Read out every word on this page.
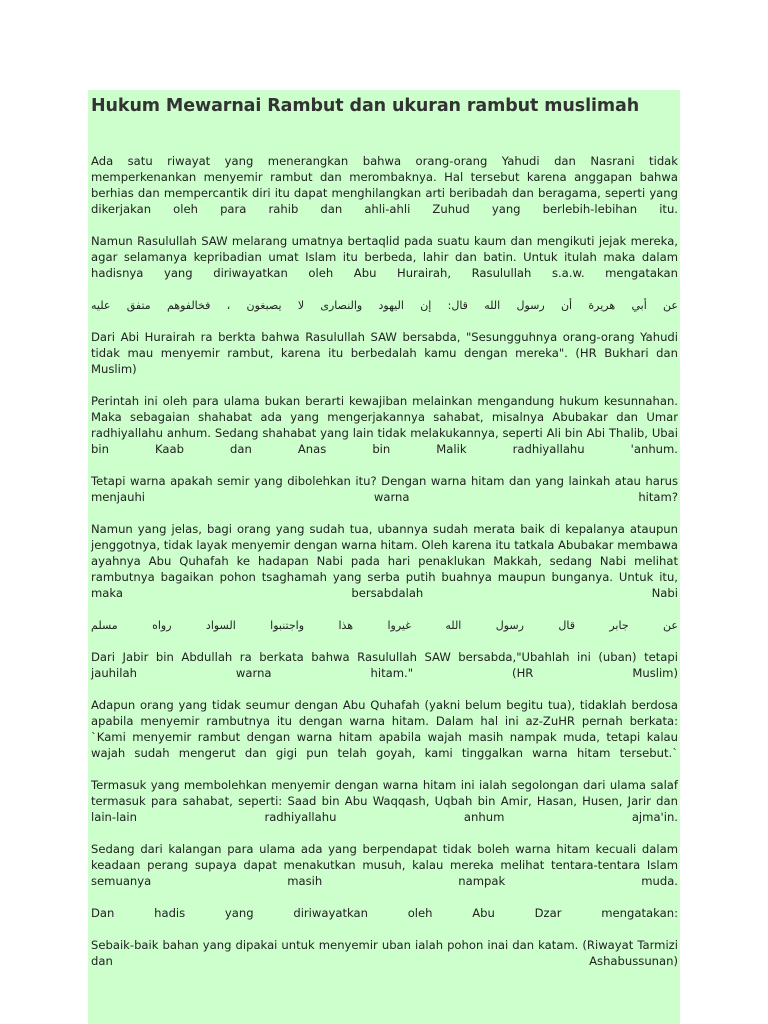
Hukum Mewarnai Rambut dan ukuran rambut muslimah

Ada satu riwayat yang menerangkan bahwa orang-orang Yahudi dan Nasrani tidak memperkenankan menyemir rambut dan merombaknya. Hal tersebut karena anggapan bahwa berhias dan mempercantik diri itu dapat menghilangkan arti beribadah dan beragama, seperti yang dikerjakan oleh para rahib dan ahli-ahli Zuhud yang berlebih-lebihan itu.

Namun Rasulullah SAW melarang umatnya bertaqlid pada suatu kaum dan mengikuti jejak mereka, agar selamanya kepribadian umat Islam itu berbeda, lahir dan batin. Untuk itulah maka dalam hadisnya yang diriwayatkan oleh Abu Hurairah, Rasulullah s.a.w. mengatakan

عن أبي هريرة أن رسول الله قال: إن اليهود والنصارى لا يصبغون ، فخالفوهم متفق عليه

Dari Abi Hurairah ra berkta bahwa Rasulullah SAW bersabda, "Sesungguhnya orang-orang Yahudi tidak mau menyemir rambut, karena itu berbedalah kamu dengan mereka". (HR Bukhari dan Muslim)

Perintah ini oleh para ulama bukan berarti kewajiban melainkan mengandung hukum kesunnahan. Maka sebagaian shahabat ada yang mengerjakannya sahabat, misalnya Abubakar dan Umar radhiyallahu anhum. Sedang shahabat yang lain tidak melakukannya, seperti Ali bin Abi Thalib, Ubai bin Kaab dan Anas bin Malik radhiyallahu 'anhum.

Tetapi warna apakah semir yang dibolehkan itu? Dengan warna hitam dan yang lainkah atau harus menjauhi warna hitam?

Namun yang jelas, bagi orang yang sudah tua, ubannya sudah merata baik di kepalanya ataupun jenggotnya, tidak layak menyemir dengan warna hitam. Oleh karena itu tatkala Abubakar membawa ayahnya Abu Quhafah ke hadapan Nabi pada hari penaklukan Makkah, sedang Nabi melihat rambutnya bagaikan pohon tsaghamah yang serba putih buahnya maupun bunganya. Untuk itu, maka bersabdalah Nabi

عن جابر قال رسول الله غيروا هذا واجتنبوا السواد رواه مسلم

Dari Jabir bin Abdullah ra berkata bahwa Rasulullah SAW bersabda,"Ubahlah ini (uban) tetapi jauhilah warna hitam." (HR Muslim)

Adapun orang yang tidak seumur dengan Abu Quhafah (yakni belum begitu tua), tidaklah berdosa apabila menyemir rambutnya itu dengan warna hitam. Dalam hal ini az-ZuHR pernah berkata: `Kami menyemir rambut dengan warna hitam apabila wajah masih nampak muda, tetapi kalau wajah sudah mengerut dan gigi pun telah goyah, kami tinggalkan warna hitam tersebut.`

Termasuk yang membolehkan menyemir dengan warna hitam ini ialah segolongan dari ulama salaf termasuk para sahabat, seperti: Saad bin Abu Waqqash, Uqbah bin Amir, Hasan, Husen, Jarir dan lain-lain radhiyallahu anhum ajma'in.

Sedang dari kalangan para ulama ada yang berpendapat tidak boleh warna hitam kecuali dalam keadaan perang supaya dapat menakutkan musuh, kalau mereka melihat tentara-tentara Islam semuanya masih nampak muda.

Dan hadis yang diriwayatkan oleh Abu Dzar mengatakan:

Sebaik-baik bahan yang dipakai untuk menyemir uban ialah pohon inai dan katam. (Riwayat Tarmizi dan Ashabussunan)
